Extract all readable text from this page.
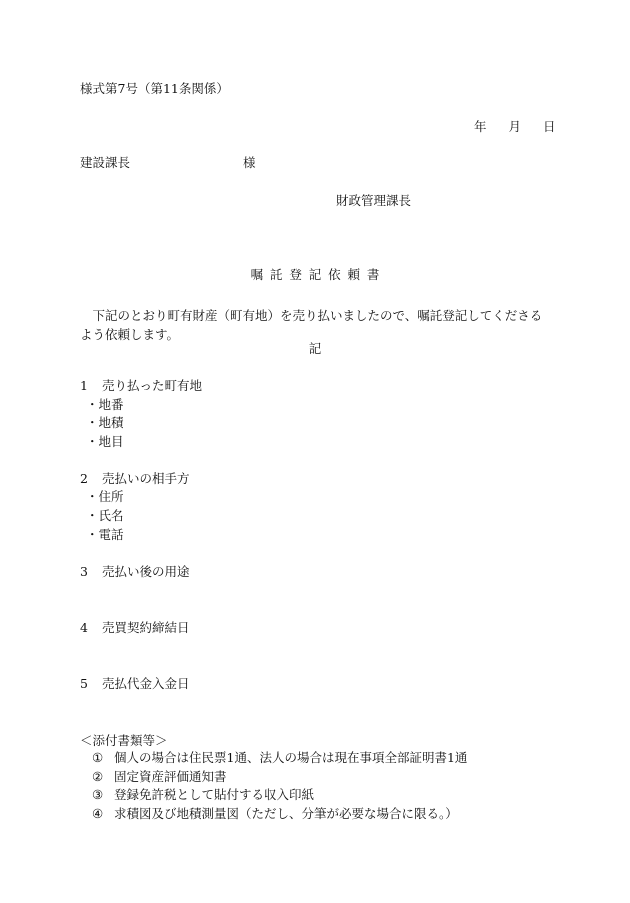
様式第7号（第11条関係）
年 月 日
建設課長	様
財政管理課長
嘱託登記依頼書
下記のとおり町有財産（町有地）を売り払いましたので、嘱託登記してくださるよう依頼します。
記
1 売り払った町有地
・地番
・地積
・地目
2 売払いの相手方
・住所
・氏名
・電話
3 売払い後の用途
4 売買契約締結日
5 売払代金入金日
＜添付書類等＞
① 個人の場合は住民票1通、法人の場合は現在事項全部証明書1通
② 固定資産評価通知書
③ 登録免許税として貼付する収入印紙
④ 求積図及び地積測量図（ただし、分筆が必要な場合に限る。）
